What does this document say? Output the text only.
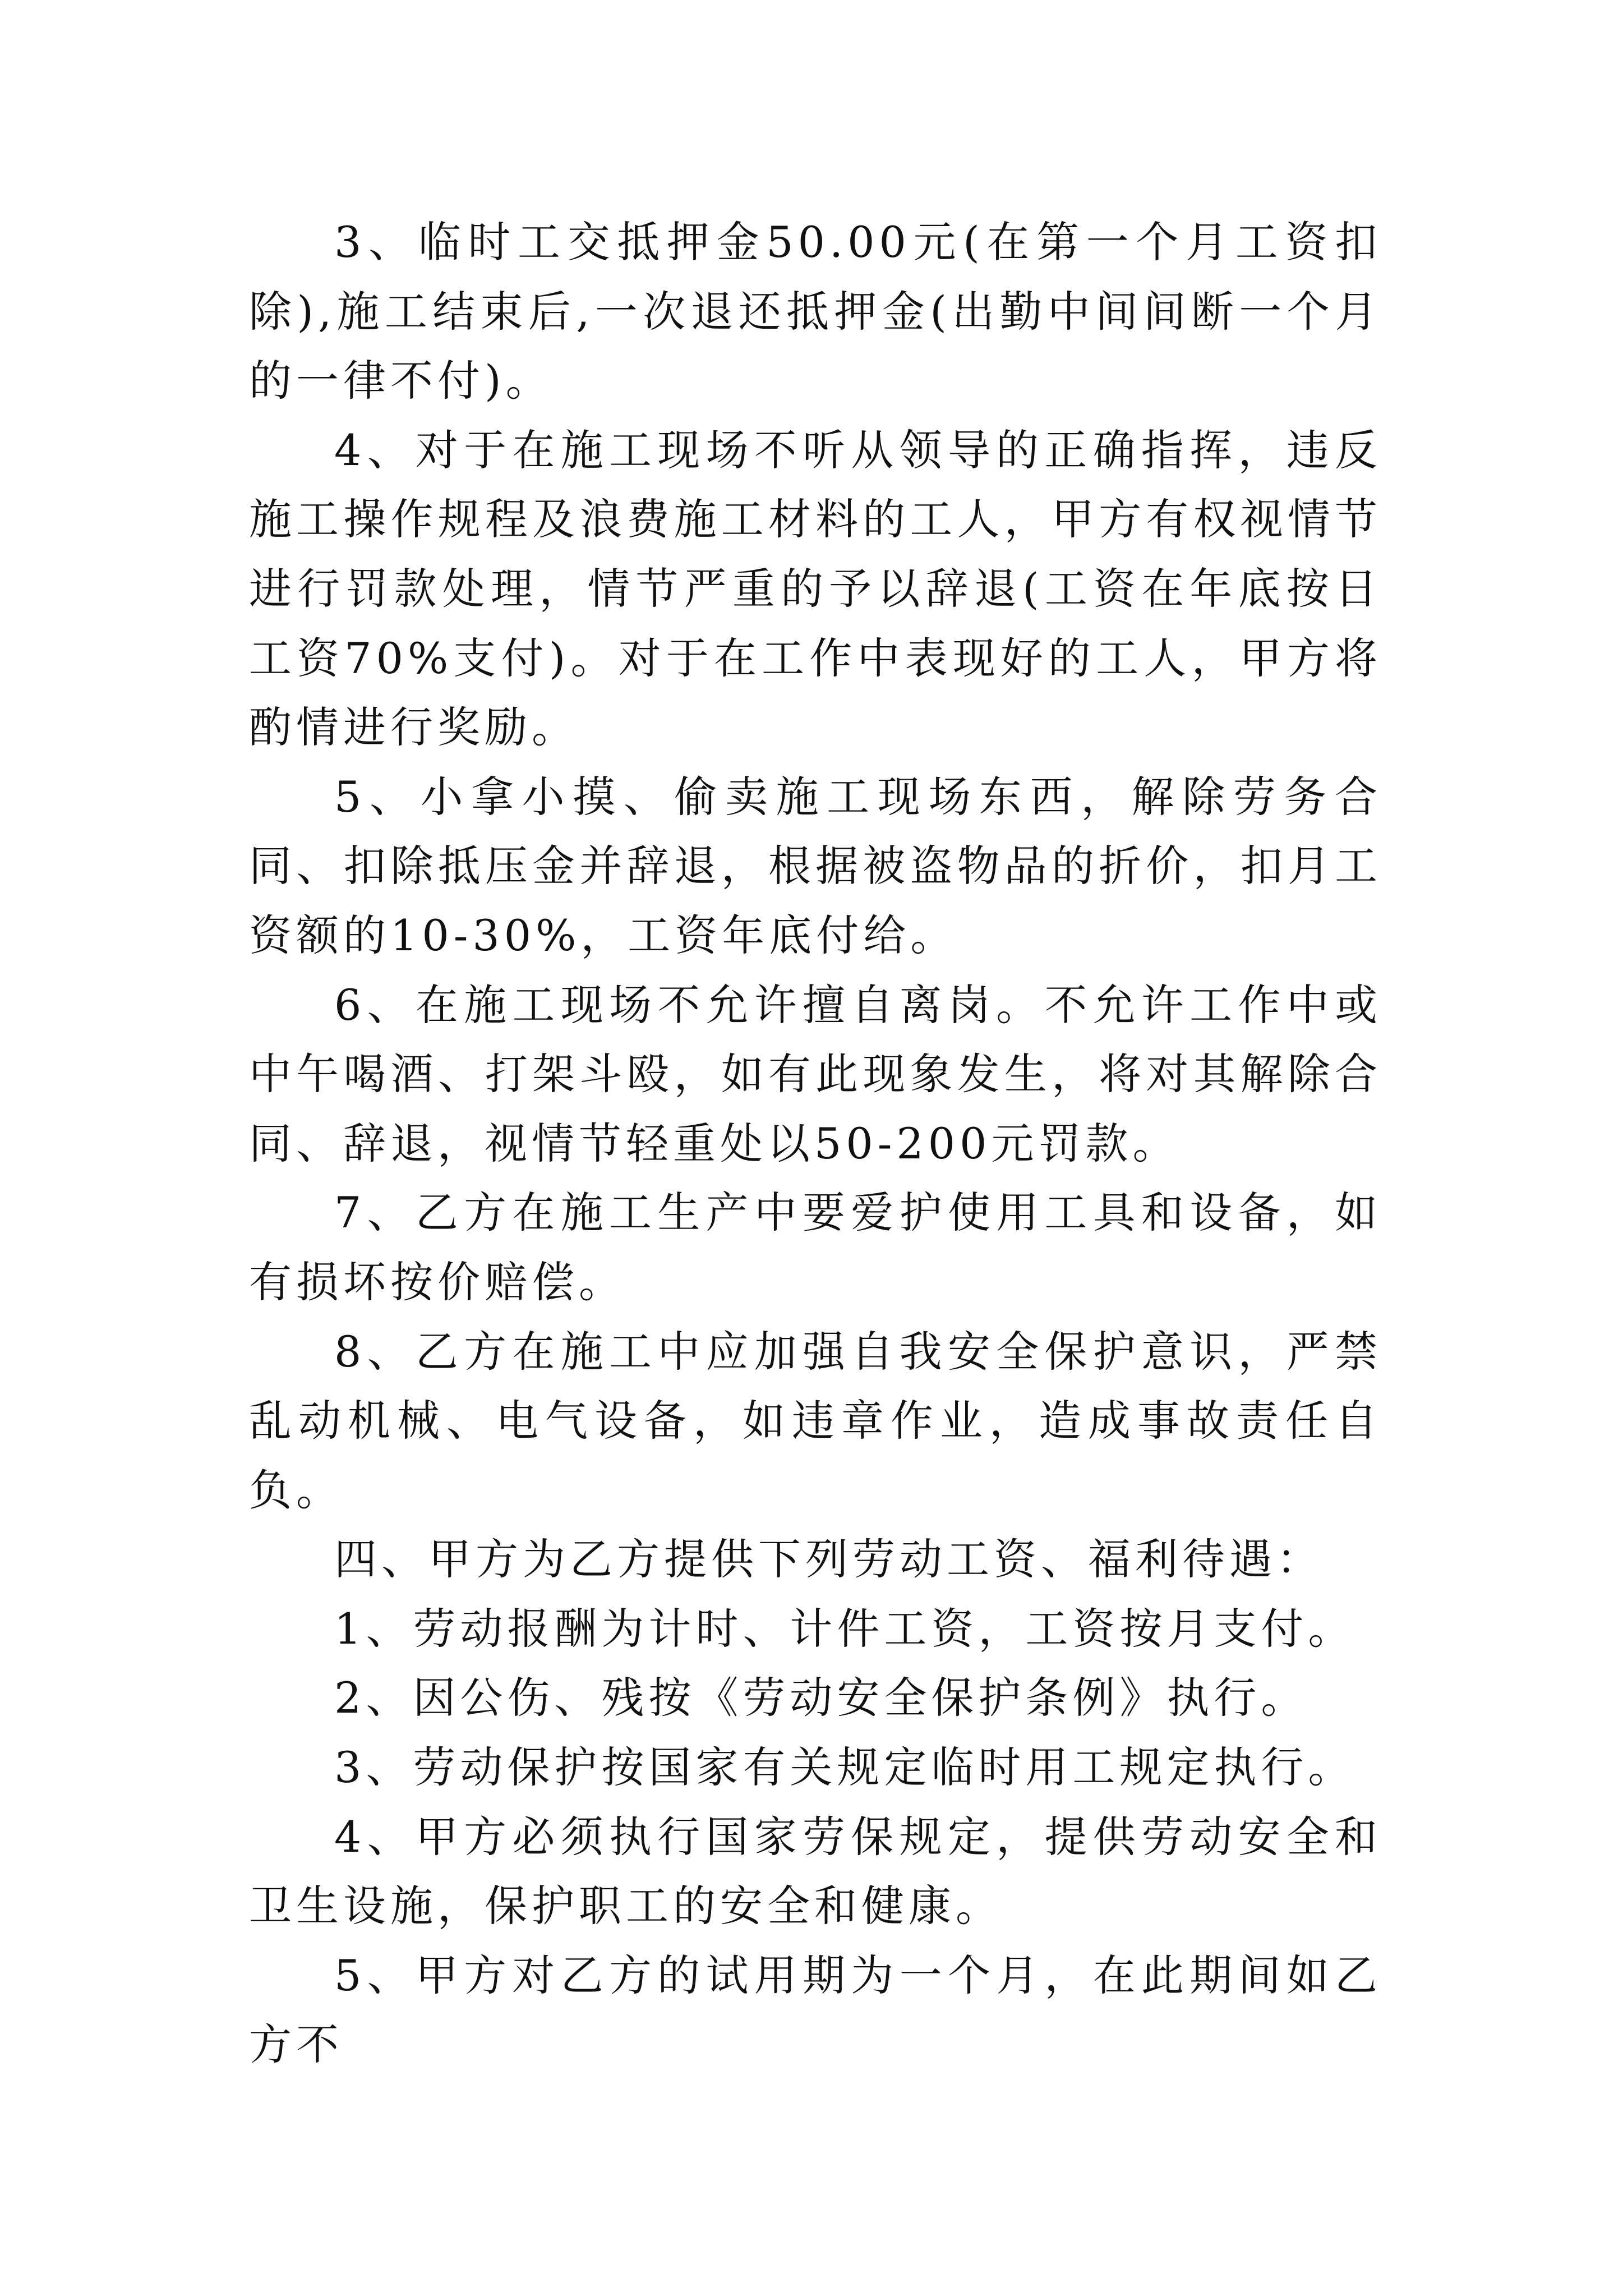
3、临时工交抵押金50.00元(在第一个月工资扣除),施工结束后,一次退还抵押金(出勤中间间断一个月的一律不付)。

4、对于在施工现场不听从领导的正确指挥，违反施工操作规程及浪费施工材料的工人，甲方有权视情节进行罚款处理，情节严重的予以辞退(工资在年底按日工资70%支付)。对于在工作中表现好的工人，甲方将酌情进行奖励。

5、小拿小摸、偷卖施工现场东西，解除劳务合同、扣除抵压金并辞退，根据被盗物品的折价，扣月工资额的10-30%，工资年底付给。

6、在施工现场不允许擅自离岗。不允许工作中或中午喝酒、打架斗殴，如有此现象发生，将对其解除合同、辞退，视情节轻重处以50-200元罚款。

7、乙方在施工生产中要爱护使用工具和设备，如有损坏按价赔偿。

8、乙方在施工中应加强自我安全保护意识，严禁乱动机械、电气设备，如违章作业，造成事故责任自负。

四、甲方为乙方提供下列劳动工资、福利待遇：

1、劳动报酬为计时、计件工资，工资按月支付。

2、因公伤、残按《劳动安全保护条例》执行。

3、劳动保护按国家有关规定临时用工规定执行。

4、甲方必须执行国家劳保规定，提供劳动安全和卫生设施，保护职工的安全和健康。

5、甲方对乙方的试用期为一个月，在此期间如乙方不
